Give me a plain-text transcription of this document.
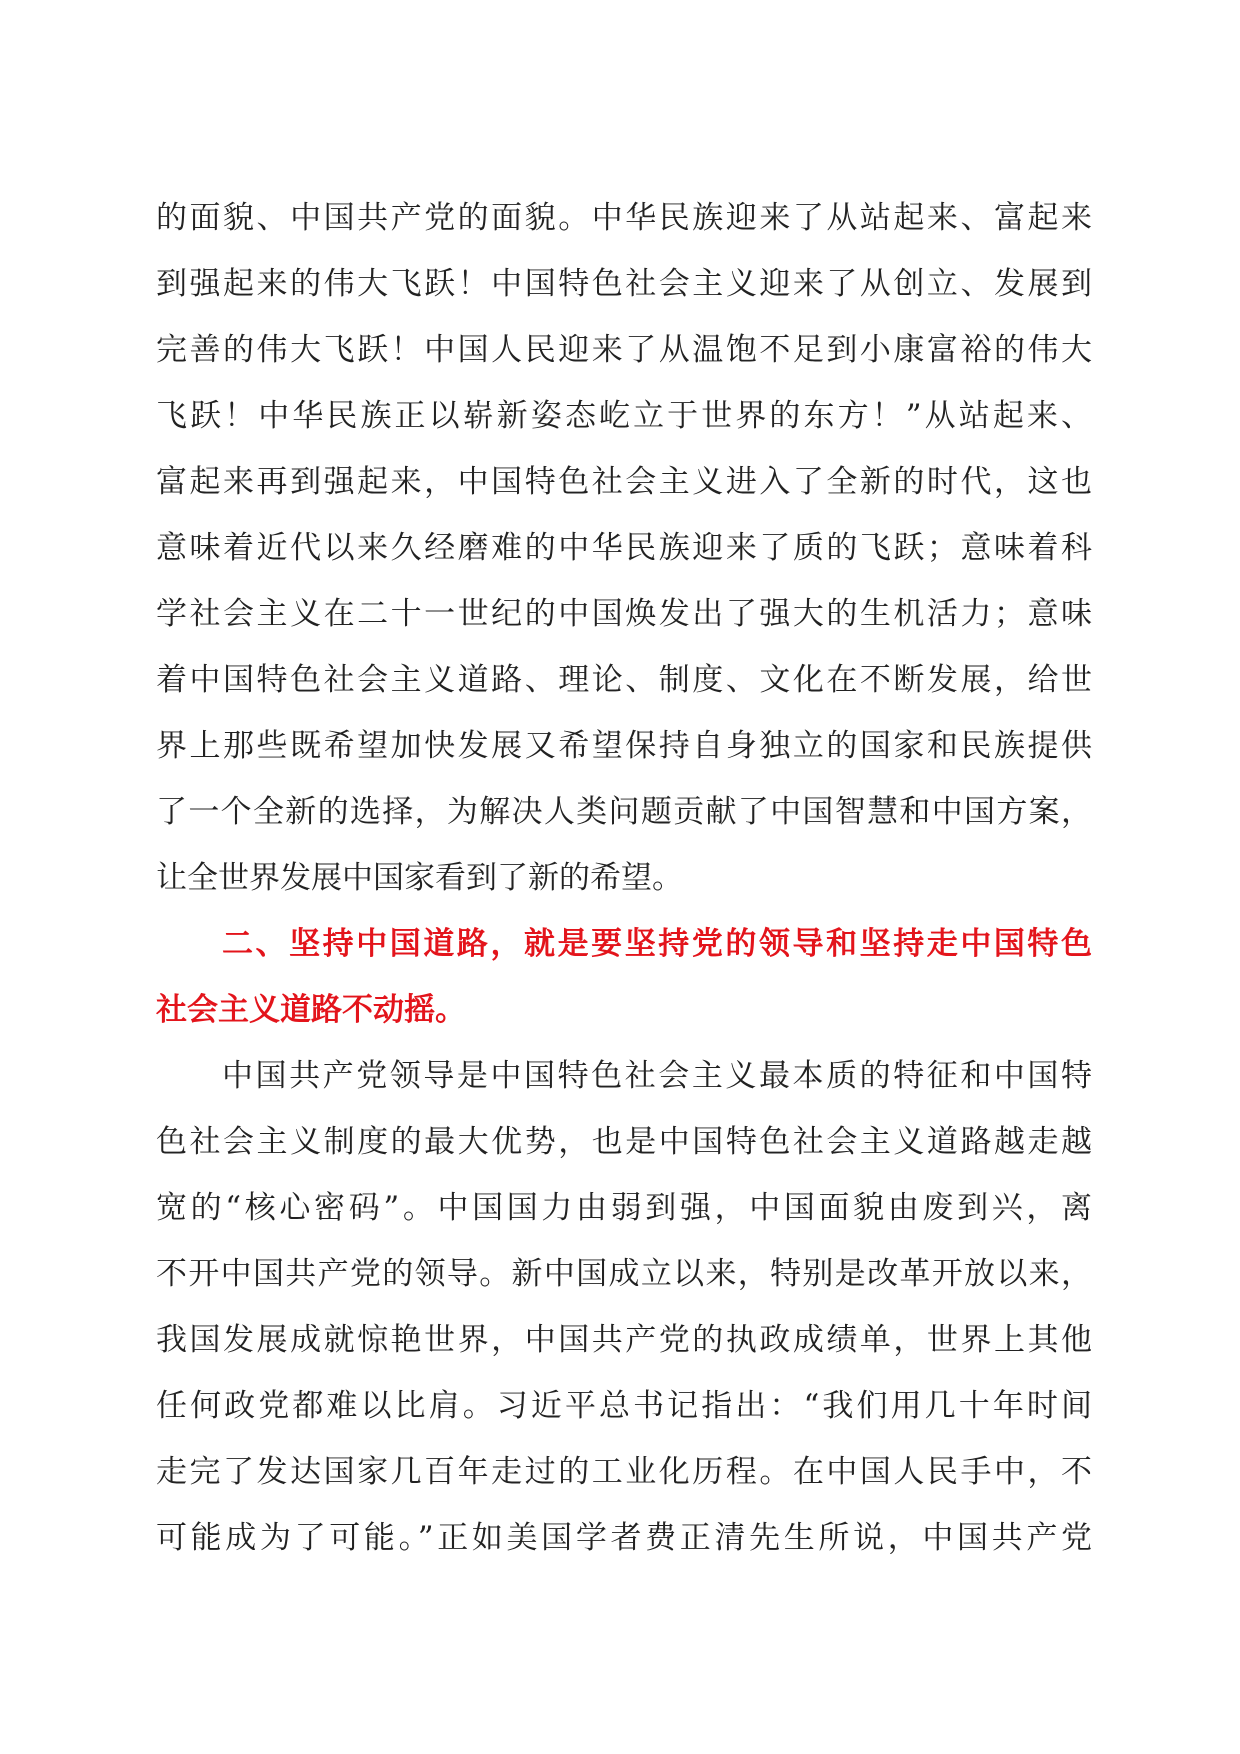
的面貌、中国共产党的面貌。中华民族迎来了从站起来、富起来
到强起来的伟大飞跃！中国特色社会主义迎来了从创立、发展到
完善的伟大飞跃！中国人民迎来了从温饱不足到小康富裕的伟大
飞跃！中华民族正以崭新姿态屹立于世界的东方！”从站起来、
富起来再到强起来，中国特色社会主义进入了全新的时代，这也
意味着近代以来久经磨难的中华民族迎来了质的飞跃；意味着科
学社会主义在二十一世纪的中国焕发出了强大的生机活力；意味
着中国特色社会主义道路、理论、制度、文化在不断发展，给世
界上那些既希望加快发展又希望保持自身独立的国家和民族提供
了一个全新的选择，为解决人类问题贡献了中国智慧和中国方案，
让全世界发展中国家看到了新的希望。
二、坚持中国道路，就是要坚持党的领导和坚持走中国特色
社会主义道路不动摇。
中国共产党领导是中国特色社会主义最本质的特征和中国特
色社会主义制度的最大优势，也是中国特色社会主义道路越走越
宽的“核心密码”。中国国力由弱到强，中国面貌由废到兴，离
不开中国共产党的领导。新中国成立以来，特别是改革开放以来，
我国发展成就惊艳世界，中国共产党的执政成绩单，世界上其他
任何政党都难以比肩。习近平总书记指出：“我们用几十年时间
走完了发达国家几百年走过的工业化历程。在中国人民手中，不
可能成为了可能。”正如美国学者费正清先生所说，中国共产党
